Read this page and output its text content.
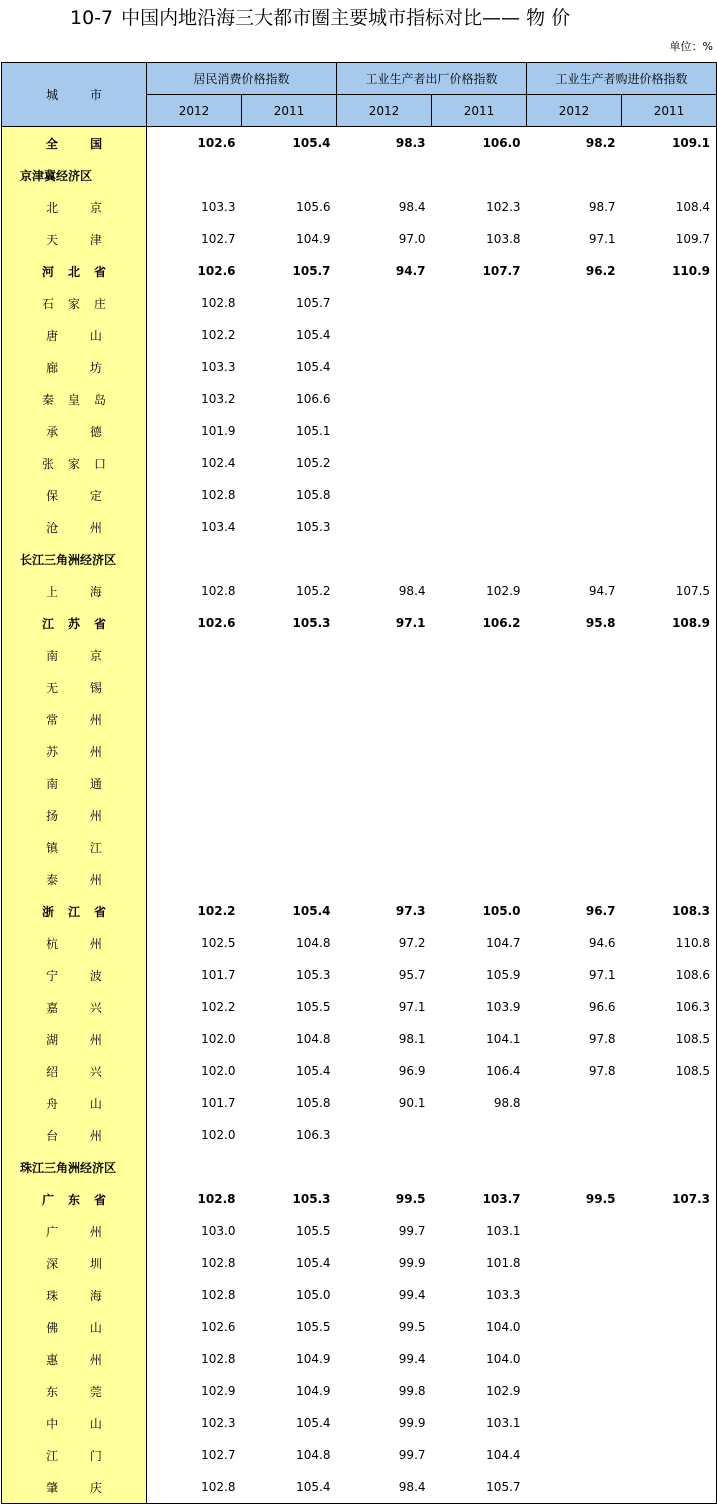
10-7 中国内地沿海三大都市圈主要城市指标对比—— 物 价
单位：%
城 市	居民消费价格指数		工业生产者出厂价格指数		工业生产者购进价格指数	
	2012	2011	2012	2011	2012	2011
全 国	102.6	105.4	98.3	106.0	98.2	109.1
京津冀经济区						
北 京	103.3	105.6	98.4	102.3	98.7	108.4
天 津	102.7	104.9	97.0	103.8	97.1	109.7
河北省	102.6	105.7	94.7	107.7	96.2	110.9
石家庄	102.8	105.7				
唐 山	102.2	105.4				
廊 坊	103.3	105.4				
秦皇岛	103.2	106.6				
承 德	101.9	105.1				
张家口	102.4	105.2				
保 定	102.8	105.8				
沧 州	103.4	105.3				
长江三角洲经济区						
上 海	102.8	105.2	98.4	102.9	94.7	107.5
江苏省	102.6	105.3	97.1	106.2	95.8	108.9
南 京						
无 锡						
常 州						
苏 州						
南 通						
扬 州						
镇 江						
泰 州						
浙江省	102.2	105.4	97.3	105.0	96.7	108.3
杭 州	102.5	104.8	97.2	104.7	94.6	110.8
宁 波	101.7	105.3	95.7	105.9	97.1	108.6
嘉 兴	102.2	105.5	97.1	103.9	96.6	106.3
湖 州	102.0	104.8	98.1	104.1	97.8	108.5
绍 兴	102.0	105.4	96.9	106.4	97.8	108.5
舟 山	101.7	105.8	90.1	98.8		
台 州	102.0	106.3				
珠江三角洲经济区						
广东省	102.8	105.3	99.5	103.7	99.5	107.3
广 州	103.0	105.5	99.7	103.1		
深 圳	102.8	105.4	99.9	101.8		
珠 海	102.8	105.0	99.4	103.3		
佛 山	102.6	105.5	99.5	104.0		
惠 州	102.8	104.9	99.4	104.0		
东 莞	102.9	104.9	99.8	102.9		
中 山	102.3	105.4	99.9	103.1		
江 门	102.7	104.8	99.7	104.4		
肇 庆	102.8	105.4	98.4	105.7		
